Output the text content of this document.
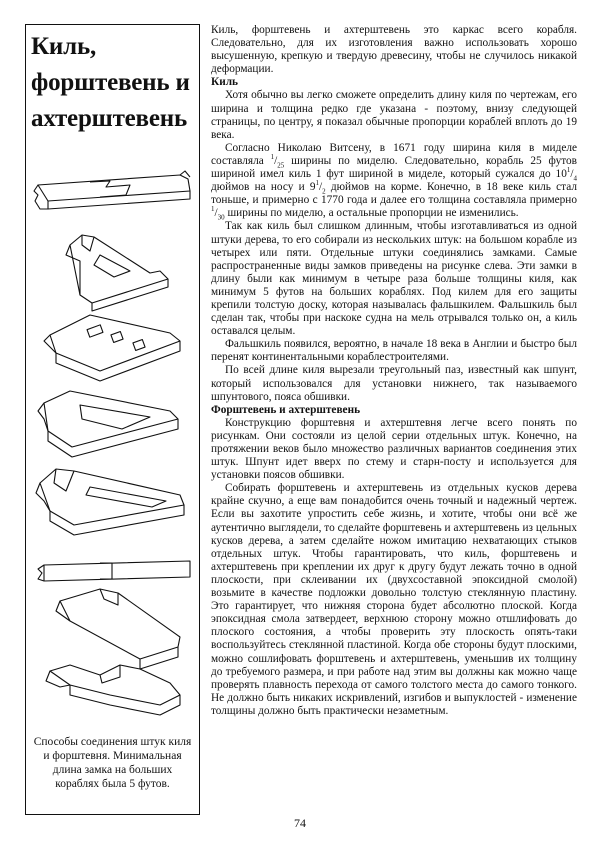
Киль,
форштевень и
ахтерштевень
Способы соединения штук киля и форштевня. Минимальная длина замка на больших кораблях была 5 футов.

Киль, форштевень и ахтерштевень это каркас всего корабля. Следовательно, для их изготовления важно использовать хорошо высушенную, крепкую и твердую древесину, чтобы не случилось никакой деформации.

Киль

Хотя обычно вы легко сможете определить длину киля по чертежам, его ширина и толщина редко где указана - поэтому, внизу следующей страницы, по центру, я показал обычные пропорции кораблей вплоть до 19 века.

Согласно Николаю Витсену, в 1671 году ширина киля в миделе составляла $^1/_{25}$ ширины по миделю. Следовательно, корабль 25 футов шириной имел киль 1 фут шириной в миделе, который сужался до $10^1/_4$ дюймов на носу и $9^1/_2$ дюймов на корме. Конечно, в 18 веке киль стал тоньше, и примерно с 1770 года и далее его толщина составляла примерно $^1/_{30}$ ширины по миделю, а остальные пропорции не изменились.

Так как киль был слишком длинным, чтобы изготавливаться из одной штуки дерева, то его собирали из нескольких штук: на большом корабле из четырех или пяти. Отдельные штуки соединялись замками. Самые распространенные виды замков приведены на рисунке слева. Эти замки в длину были как минимум в четыре раза больше толщины киля, как минимум 5 футов на больших кораблях. Под килем для его защиты крепили толстую доску, которая называлась фальшкилем. Фальшкиль был сделан так, чтобы при наскоке судна на мель отрывался только он, а киль оставался целым.

Фальшкиль появился, вероятно, в начале 18 века в Англии и быстро был перенят континентальными кораблестроителями.

По всей длине киля вырезали треугольный паз, известный как шпунт, который использовался для установки нижнего, так называемого шпунтового, пояса обшивки.

Форштевень и ахтерштевень

Конструкцию форштевня и ахтерштевня легче всего понять по рисункам. Они состояли из целой серии отдельных штук. Конечно, на протяжении веков было множество различных вариантов соединения этих штук. Шпунт идет вверх по стему и старн-посту и используется для установки поясов обшивки.

Собирать форштевень и ахтерштевень из отдельных кусков дерева крайне скучно, а еще вам понадобится очень точный и надежный чертеж. Если вы захотите упростить себе жизнь, и хотите, чтобы они всё же аутентично выглядели, то сделайте форштевень и ахтерштевень из цельных кусков дерева, а затем сделайте ножом имитацию нехватающих стыков отдельных штук. Чтобы гарантировать, что киль, форштевень и ахтерштевень при креплении их друг к другу будут лежать точно в одной плоскости, при склеивании их (двухсоставной эпоксидной смолой) возьмите в качестве подложки довольно толстую стеклянную пластину. Это гарантирует, что нижняя сторона будет абсолютно плоской. Когда эпоксидная смола затвердеет, верхнюю сторону можно отшлифовать до плоского состояния, а чтобы проверить эту плоскость опять-таки воспользуйтесь стеклянной пластиной. Когда обе стороны будут плоскими, можно сошлифовать форштевень и ахтерштевень, уменьшив их толщину до требуемого размера, и при работе над этим вы должны как можно чаще проверять плавность перехода от самого толстого места до самого тонкого. Не должно быть никаких искривлений, изгибов и выпуклостей - изменение толщины должно быть практически незаметным.

74
